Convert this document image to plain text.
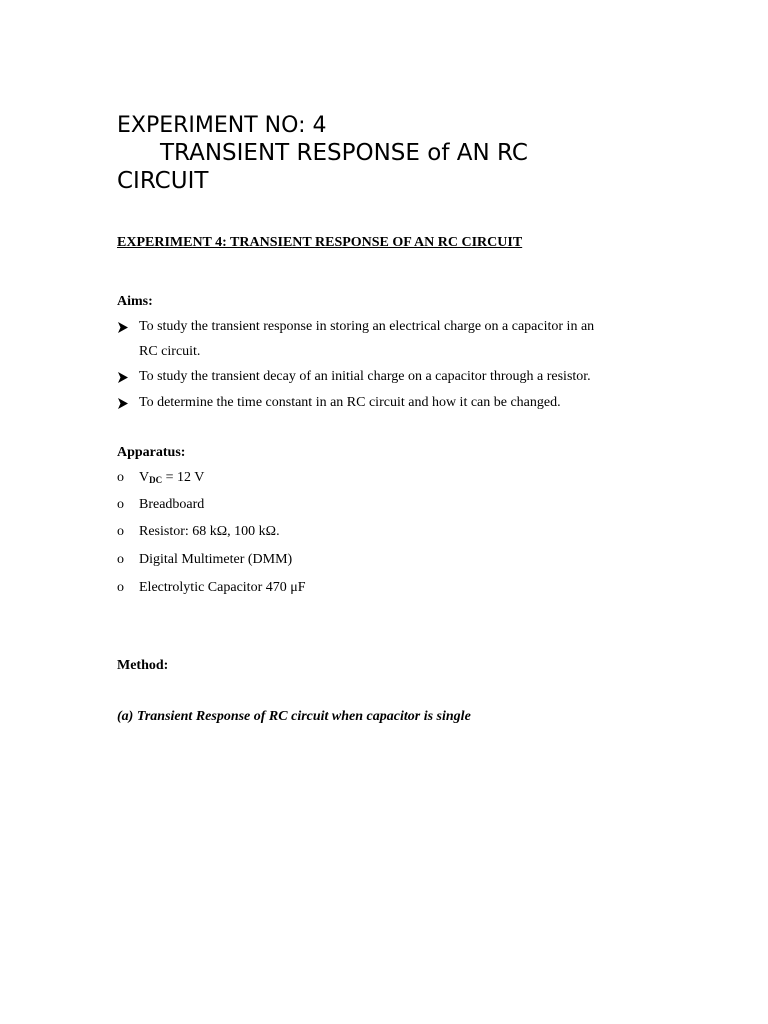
EXPERIMENT NO: 4

TRANSIENT RESPONSE of AN RC

CIRCUIT

EXPERIMENT 4: TRANSIENT RESPONSE OF AN RC CIRCUIT

Aims:

To study the transient response in storing an electrical charge on a capacitor in an
RC circuit.
To study the transient decay of an initial charge on a capacitor through a resistor.
To determine the time constant in an RC circuit and how it can be changed.

Apparatus:

o $V_{DC} = 12$ V
o Breadboard
o Resistor: 68 kΩ, 100 kΩ.
o Digital Multimeter (DMM)
o Electrolytic Capacitor 470 μF

Method:

(a) Transient Response of RC circuit when capacitor is single
